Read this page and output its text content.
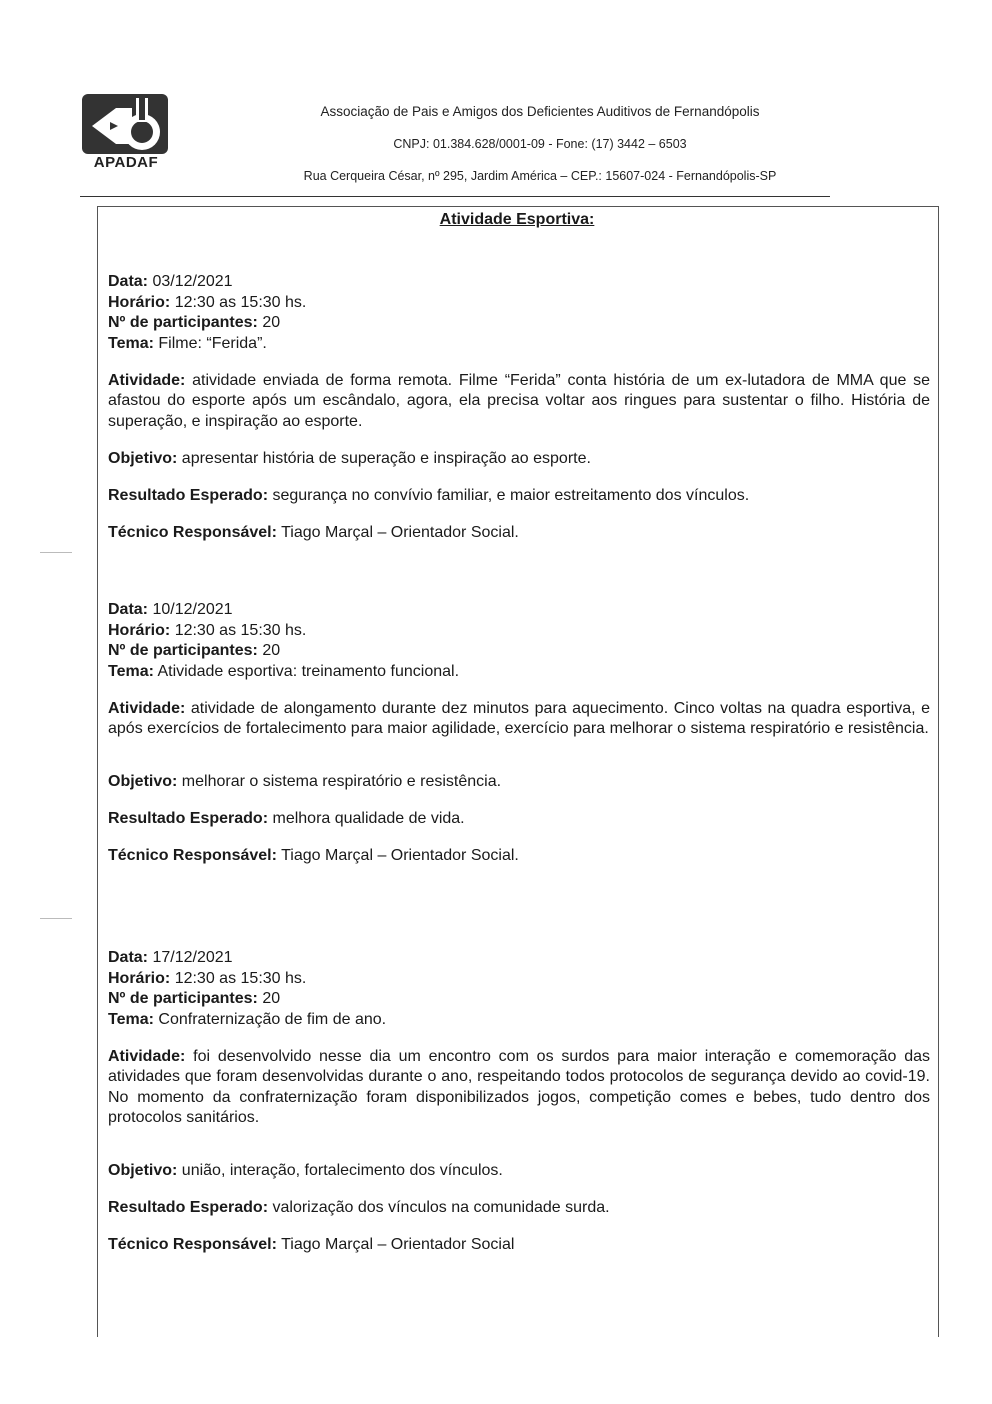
APADAF
Associação de Pais e Amigos dos Deficientes Auditivos de Fernandópolis
CNPJ: 01.384.628/0001-09 - Fone: (17) 3442 – 6503
Rua Cerqueira César, nº 295, Jardim América – CEP.: 15607-024 - Fernandópolis-SP
Atividade Esportiva:

Data: 03/12/2021

Horário: 12:30 as 15:30 hs.

Nº de participantes: 20

Tema: Filme: “Ferida”.

Atividade: atividade enviada de forma remota. Filme “Ferida” conta história de um ex-lutadora de MMA que se afastou do esporte após um escândalo, agora, ela precisa voltar aos ringues para sustentar o filho. História de superação, e inspiração ao esporte.

Objetivo: apresentar história de superação e inspiração ao esporte.

Resultado Esperado: segurança no convívio familiar, e maior estreitamento dos vínculos.

Técnico Responsável: Tiago Marçal – Orientador Social.

Data: 10/12/2021

Horário: 12:30 as 15:30 hs.

Nº de participantes: 20

Tema: Atividade esportiva: treinamento funcional.

Atividade: atividade de alongamento durante dez minutos para aquecimento. Cinco voltas na quadra esportiva, e após exercícios de fortalecimento para maior agilidade, exercício para melhorar o sistema respiratório e resistência.

Objetivo: melhorar o sistema respiratório e resistência.

Resultado Esperado: melhora qualidade de vida.

Técnico Responsável: Tiago Marçal – Orientador Social.

Data: 17/12/2021

Horário: 12:30 as 15:30 hs.

Nº de participantes: 20

Tema: Confraternização de fim de ano.

Atividade: foi desenvolvido nesse dia um encontro com os surdos para maior interação e comemoração das atividades que foram desenvolvidas durante o ano, respeitando todos protocolos de segurança devido ao covid-19. No momento da confraternização foram disponibilizados jogos, competição comes e bebes, tudo dentro dos protocolos sanitários.

Objetivo: união, interação, fortalecimento dos vínculos.

Resultado Esperado: valorização dos vínculos na comunidade surda.

Técnico Responsável: Tiago Marçal – Orientador Social
